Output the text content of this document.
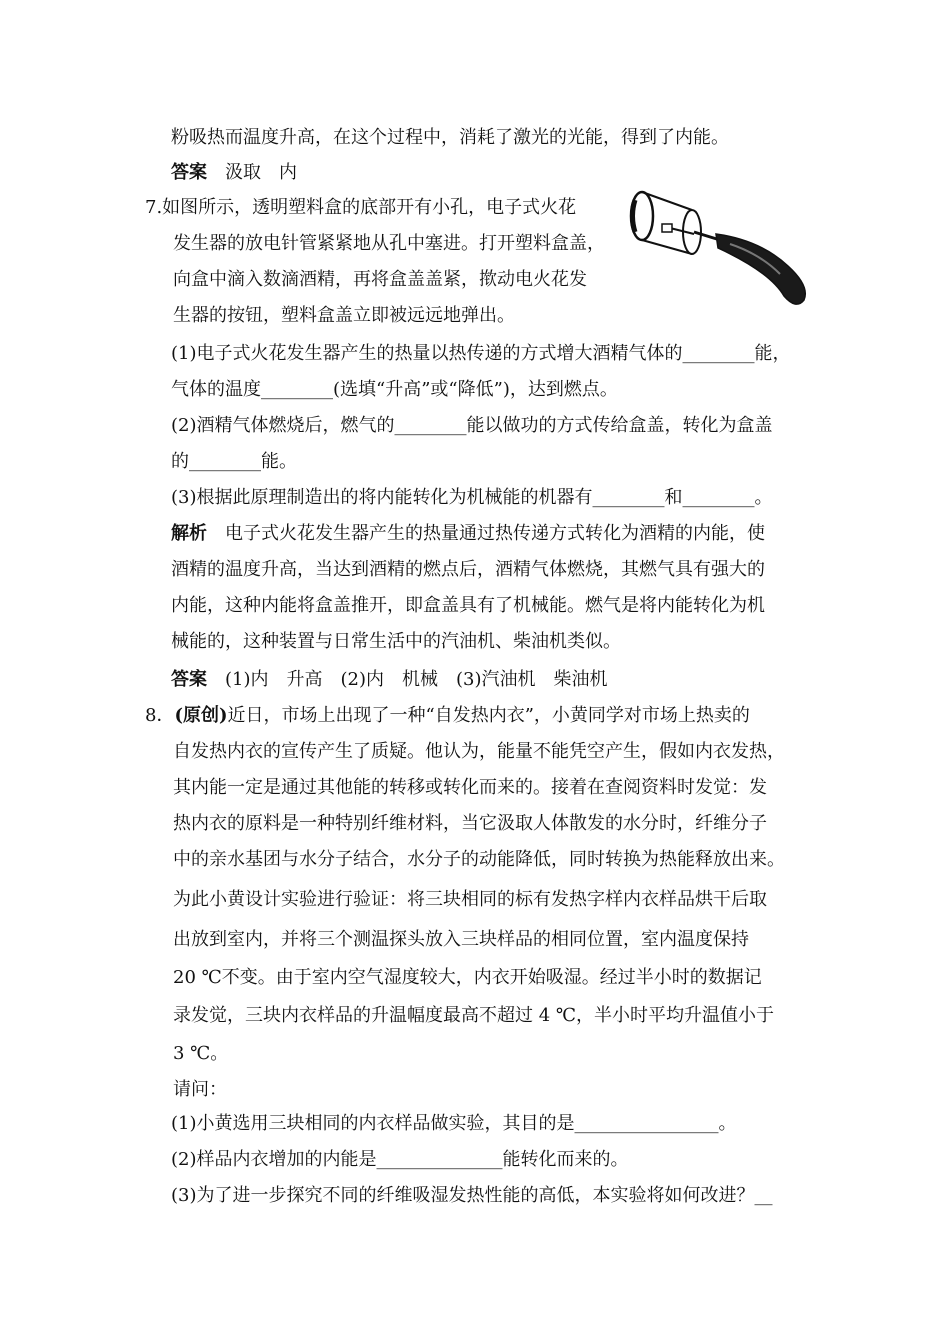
粉吸热而温度升高，在这个过程中，消耗了激光的光能，得到了内能。
答案 汲取　内
7.如图所示，透明塑料盒的底部开有小孔，电子式火花
发生器的放电针管紧紧地从孔中塞进。打开塑料盒盖，
向盒中滴入数滴酒精，再将盒盖盖紧，揿动电火花发
生器的按钮，塑料盒盖立即被远远地弹出。
(1)电子式火花发生器产生的热量以热传递的方式增大酒精气体的________能，
气体的温度________(选填“升高”或“降低”)，达到燃点。
(2)酒精气体燃烧后，燃气的________能以做功的方式传给盒盖，转化为盒盖
的________能。
(3)根据此原理制造出的将内能转化为机械能的机器有________和________。
解析 电子式火花发生器产生的热量通过热传递方式转化为酒精的内能，使
酒精的温度升高，当达到酒精的燃点后，酒精气体燃烧，其燃气具有强大的
内能，这种内能将盒盖推开，即盒盖具有了机械能。燃气是将内能转化为机
械能的，这种装置与日常生活中的汽油机、柴油机类似。
答案 (1)内　升高　(2)内　机械　(3)汽油机　柴油机
8．(原创)近日，市场上出现了一种“自发热内衣”，小黄同学对市场上热卖的
自发热内衣的宣传产生了质疑。他认为，能量不能凭空产生，假如内衣发热，
其内能一定是通过其他能的转移或转化而来的。接着在查阅资料时发觉：发
热内衣的原料是一种特别纤维材料，当它汲取人体散发的水分时，纤维分子
中的亲水基团与水分子结合，水分子的动能降低，同时转换为热能释放出来。
为此小黄设计实验进行验证：将三块相同的标有发热字样内衣样品烘干后取
出放到室内，并将三个测温探头放入三块样品的相同位置，室内温度保持
20 ℃不变。由于室内空气湿度较大，内衣开始吸湿。经过半小时的数据记
录发觉，三块内衣样品的升温幅度最高不超过 4 ℃，半小时平均升温值小于
3 ℃。
请问：
(1)小黄选用三块相同的内衣样品做实验，其目的是________________。
(2)样品内衣增加的内能是______________能转化而来的。
(3)为了进一步探究不同的纤维吸湿发热性能的高低，本实验将如何改进？__
